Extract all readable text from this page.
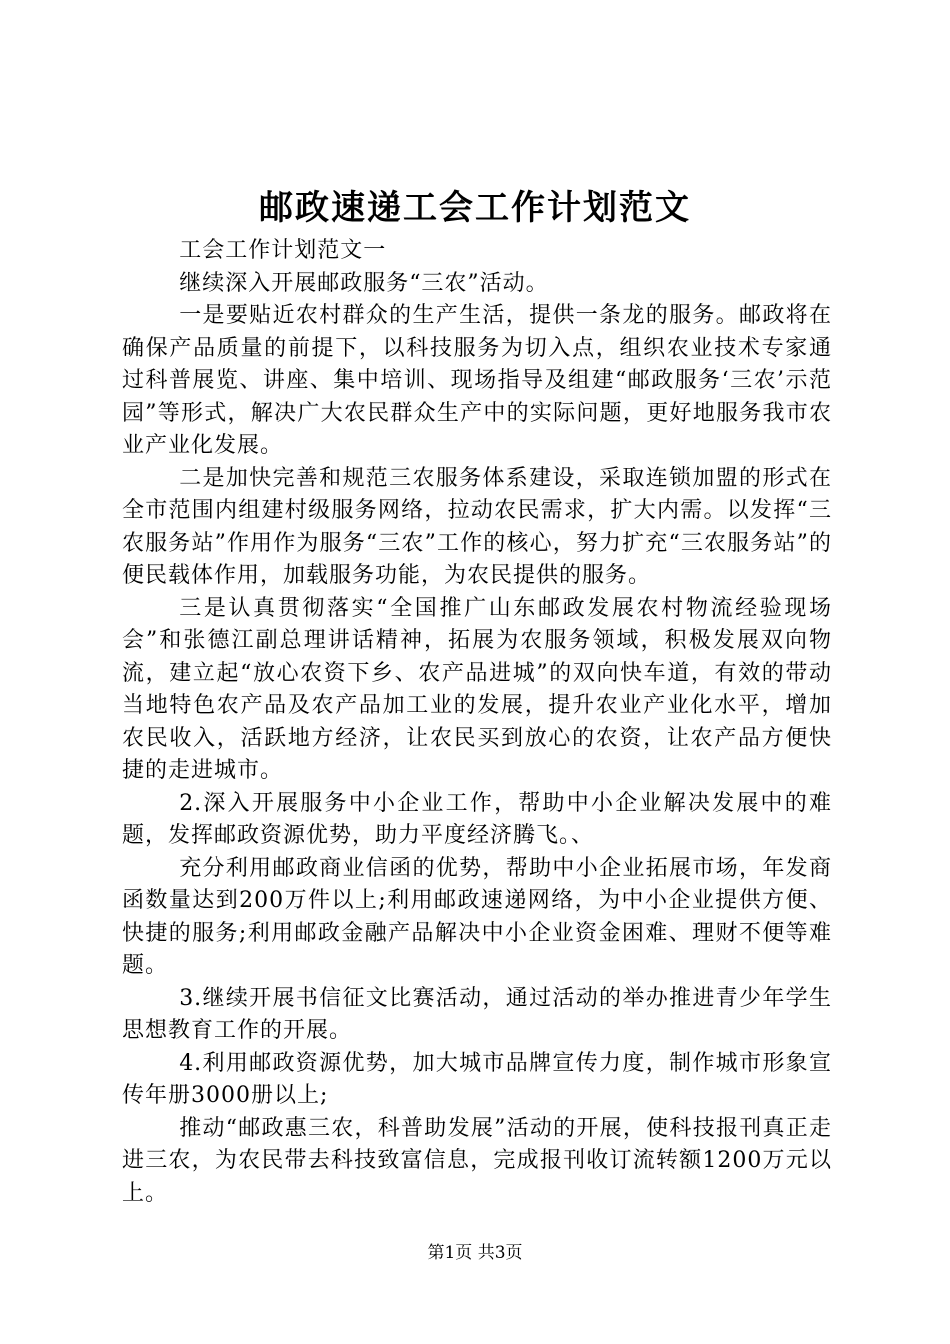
邮政速递工会工作计划范文

工会工作计划范文一

继续深入开展邮政服务“三农”活动。

一是要贴近农村群众的生产生活，提供一条龙的服务。邮政将在确保产品质量的前提下，以科技服务为切入点，组织农业技术专家通过科普展览、讲座、集中培训、现场指导及组建“邮政服务‘三农’示范园”等形式，解决广大农民群众生产中的实际问题，更好地服务我市农业产业化发展。

二是加快完善和规范三农服务体系建设，采取连锁加盟的形式在全市范围内组建村级服务网络，拉动农民需求，扩大内需。以发挥“三农服务站”作用作为服务“三农”工作的核心，努力扩充“三农服务站”的便民载体作用，加载服务功能，为农民提供的服务。

三是认真贯彻落实“全国推广山东邮政发展农村物流经验现场会”和张德江副总理讲话精神，拓展为农服务领域，积极发展双向物流，建立起“放心农资下乡、农产品进城”的双向快车道，有效的带动当地特色农产品及农产品加工业的发展，提升农业产业化水平，增加农民收入，活跃地方经济，让农民买到放心的农资，让农产品方便快捷的走进城市。

2.深入开展服务中小企业工作，帮助中小企业解决发展中的难题，发挥邮政资源优势，助力平度经济腾飞。、

充分利用邮政商业信函的优势，帮助中小企业拓展市场，年发商函数量达到200万件以上;利用邮政速递网络，为中小企业提供方便、快捷的服务;利用邮政金融产品解决中小企业资金困难、理财不便等难题。

3.继续开展书信征文比赛活动，通过活动的举办推进青少年学生思想教育工作的开展。

4.利用邮政资源优势，加大城市品牌宣传力度，制作城市形象宣传年册3000册以上;

推动“邮政惠三农，科普助发展”活动的开展，使科技报刊真正走进三农，为农民带去科技致富信息，完成报刊收订流转额1200万元以上。

第1页 共3页
